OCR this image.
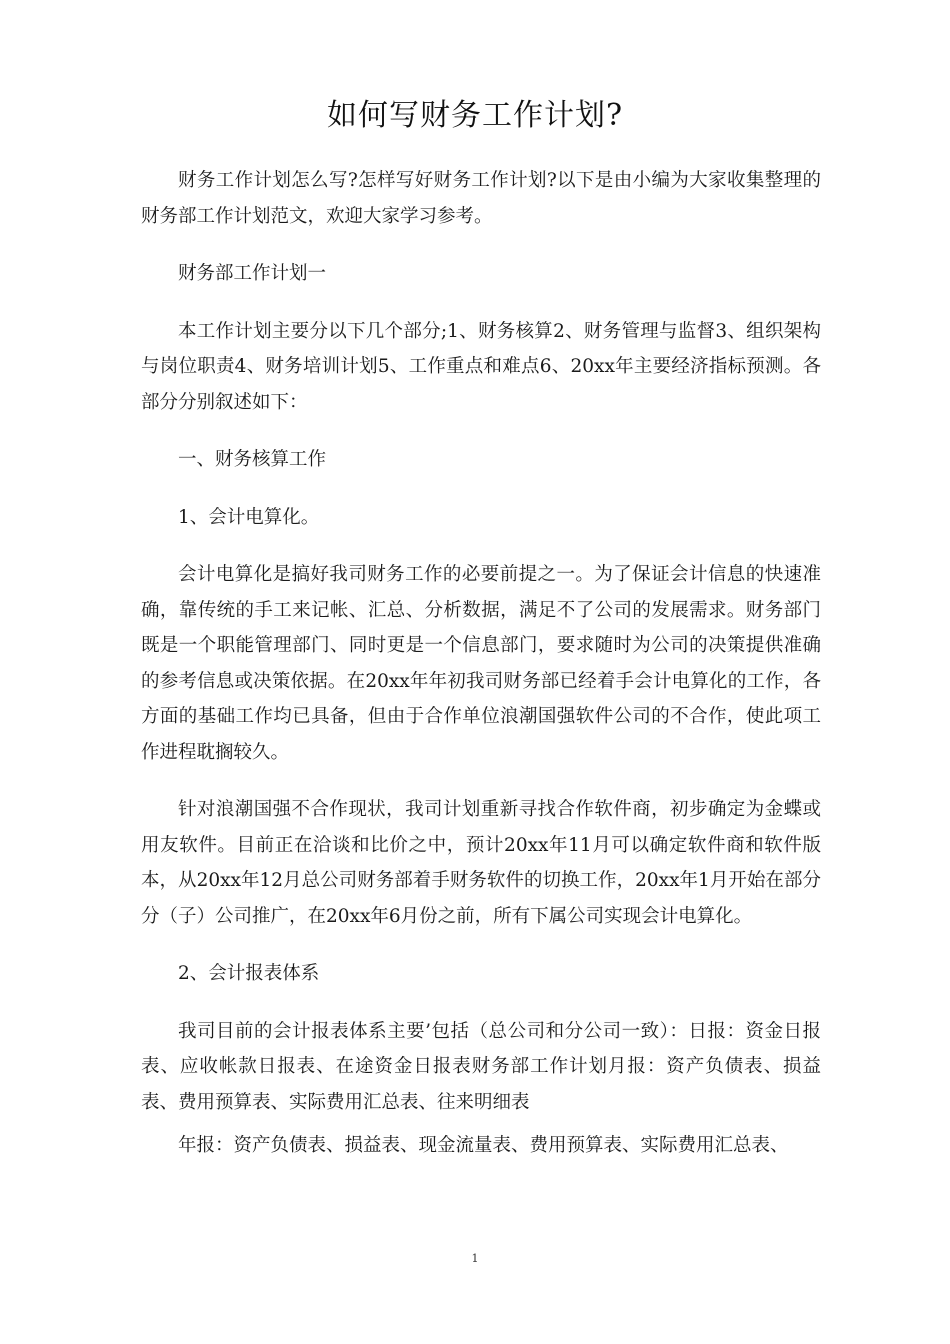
如何写财务工作计划?

财务工作计划怎么写?怎样写好财务工作计划?以下是由小编为大家收集整理的财务部工作计划范文，欢迎大家学习参考。

财务部工作计划一

本工作计划主要分以下几个部分;1、财务核算2、财务管理与监督3、组织架构与岗位职责4、财务培训计划5、工作重点和难点6、20xx年主要经济指标预测。各部分分别叙述如下：

一、财务核算工作

1、会计电算化。

会计电算化是搞好我司财务工作的必要前提之一。为了保证会计信息的快速准确，靠传统的手工来记帐、汇总、分析数据，满足不了公司的发展需求。财务部门既是一个职能管理部门、同时更是一个信息部门，要求随时为公司的决策提供准确的参考信息或决策依据。在20xx年年初我司财务部已经着手会计电算化的工作，各方面的基础工作均已具备，但由于合作单位浪潮国强软件公司的不合作，使此项工作进程耽搁较久。

针对浪潮国强不合作现状，我司计划重新寻找合作软件商，初步确定为金蝶或用友软件。目前正在洽谈和比价之中，预计20xx年11月可以确定软件商和软件版本，从20xx年12月总公司财务部着手财务软件的切换工作，20xx年1月开始在部分分（子）公司推广，在20xx年6月份之前，所有下属公司实现会计电算化。

2、会计报表体系

我司目前的会计报表体系主要’包括（总公司和分公司一致）：日报：资金日报表、应收帐款日报表、在途资金日报表财务部工作计划月报：资产负债表、损益表、费用预算表、实际费用汇总表、往来明细表

年报：资产负债表、损益表、现金流量表、费用预算表、实际费用汇总表、

1
